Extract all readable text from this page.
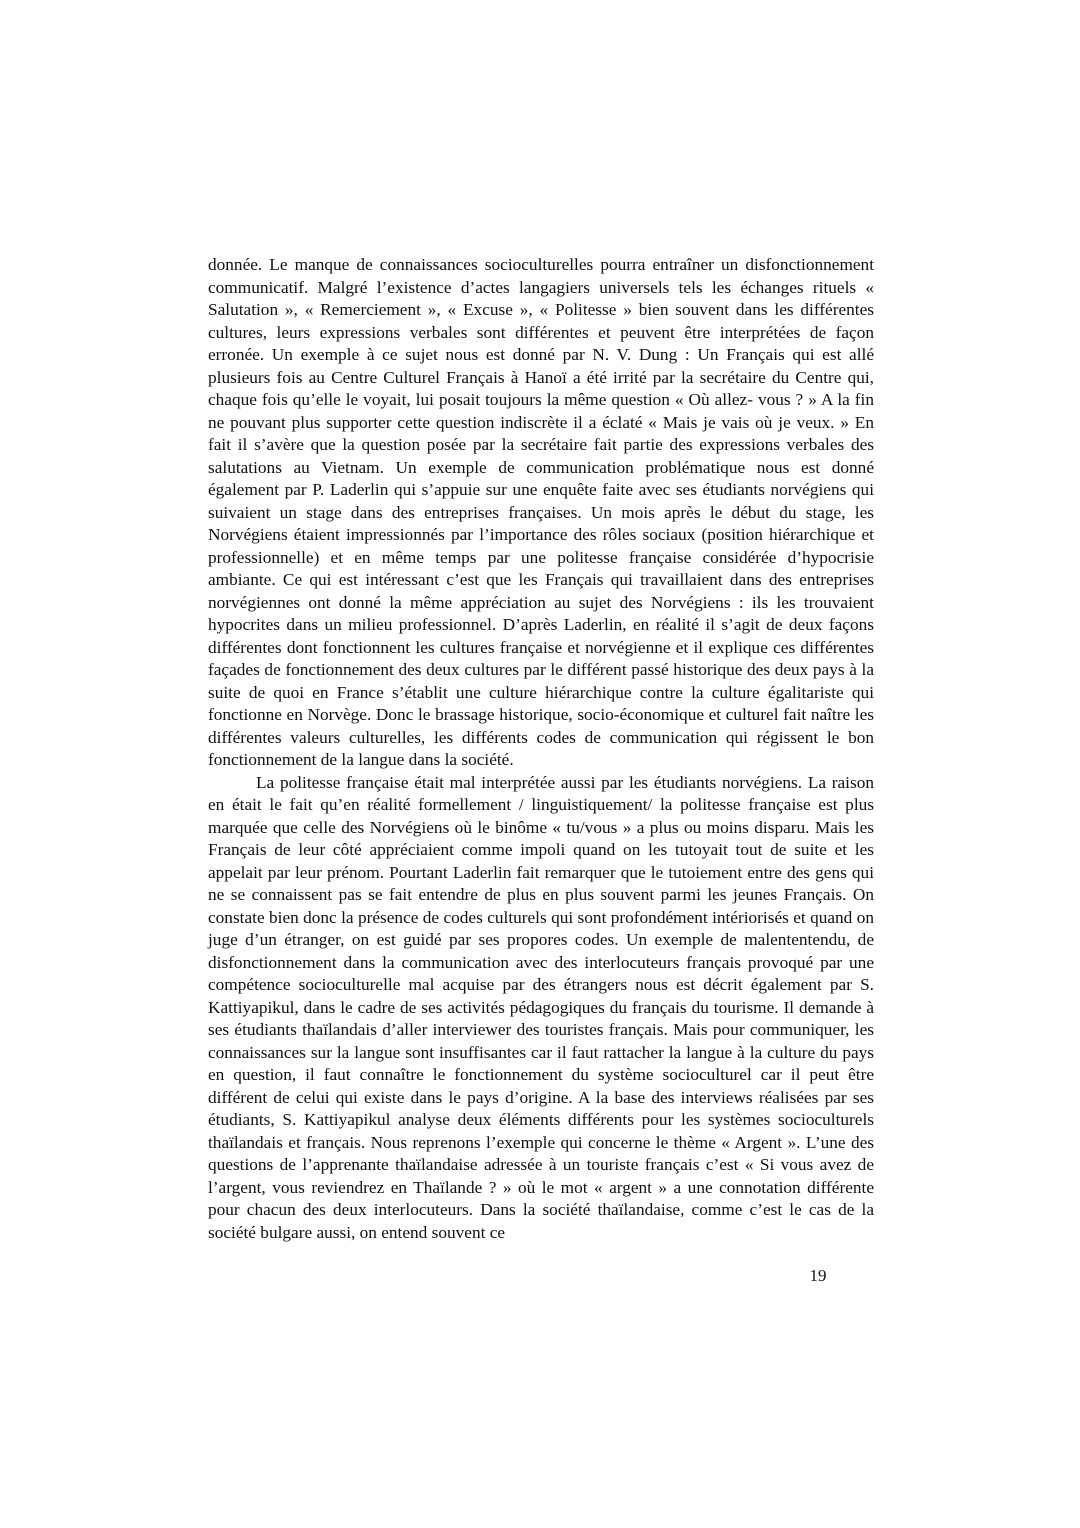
donnée. Le manque de connaissances socioculturelles pourra entraîner un disfonctionnement communicatif. Malgré l’existence d’actes langagiers universels tels les échanges rituels « Salutation », « Remerciement », « Excuse », « Politesse » bien souvent dans les différentes cultures, leurs expressions verbales sont différentes et peuvent être interprétées de façon erronée. Un exemple à ce sujet nous est donné par N. V. Dung : Un Français qui est allé plusieurs fois au Centre Culturel Français à Hanoï a été irrité par la secrétaire du Centre qui, chaque fois qu’elle le voyait, lui posait toujours la même question « Où allez- vous ? » A la fin ne pouvant plus supporter cette question indiscrète il a éclaté « Mais je vais où je veux. » En fait il s’avère que la question posée par la secrétaire fait partie des expressions verbales des salutations au Vietnam. Un exemple de communication problématique nous est donné également par P. Laderlin qui s’appuie sur une enquête faite avec ses étudiants norvégiens qui suivaient un stage dans des entreprises françaises. Un mois après le début du stage, les Norvégiens étaient impressionnés par l’importance des rôles sociaux (position hiérarchique et professionnelle) et en même temps par une politesse française considérée d’hypocrisie ambiante. Ce qui est intéressant c’est que les Français qui travaillaient dans des entreprises norvégiennes ont donné la même appréciation au sujet des Norvégiens : ils les trouvaient hypocrites dans un milieu professionnel. D’après Laderlin, en réalité il s’agit de deux façons différentes dont fonctionnent les cultures française et norvégienne et il explique ces différentes façades de fonctionnement des deux cultures par le différent passé historique des deux pays à la suite de quoi en France s’établit une culture hiérarchique contre la culture égalitariste qui fonctionne en Norvège. Donc le brassage historique, socio-économique et culturel fait naître les différentes valeurs culturelles, les différents codes de communication qui régissent le bon fonctionnement de la langue dans la société.

La politesse française était mal interprétée aussi par les étudiants norvégiens. La raison en était le fait qu’en réalité formellement / linguistiquement/ la politesse française est plus marquée que celle des Norvégiens où le binôme « tu/vous » a plus ou moins disparu. Mais les Français de leur côté appréciaient comme impoli quand on les tutoyait tout de suite et les appelait par leur prénom. Pourtant Laderlin fait remarquer que le tutoiement entre des gens qui ne se connaissent pas se fait entendre de plus en plus souvent parmi les jeunes Français. On constate bien donc la présence de codes culturels qui sont profondément intériorisés et quand on juge d’un étranger, on est guidé par ses propores codes. Un exemple de malententendu, de disfonctionnement dans la communication avec des interlocuteurs français provoqué par une compétence socioculturelle mal acquise par des étrangers nous est décrit également par S. Kattiyapikul, dans le cadre de ses activités pédagogiques du français du tourisme. Il demande à ses étudiants thaïlandais d’aller interviewer des touristes français. Mais pour communiquer, les connaissances sur la langue sont insuffisantes car il faut rattacher la langue à la culture du pays en question, il faut connaître le fonctionnement du système socioculturel car il peut être différent de celui qui existe dans le pays d’origine. A la base des interviews réalisées par ses étudiants, S. Kattiyapikul analyse deux éléments différents pour les systèmes socioculturels thaïlandais et français. Nous reprenons l’exemple qui concerne le thème « Argent ». L’une des questions de l’apprenante thaïlandaise adressée à un touriste français c’est « Si vous avez de l’argent, vous reviendrez en Thaïlande ? » où le mot « argent » a une connotation différente pour chacun des deux interlocuteurs. Dans la société thaïlandaise, comme c’est le cas de la société bulgare aussi, on entend souvent ce

19
